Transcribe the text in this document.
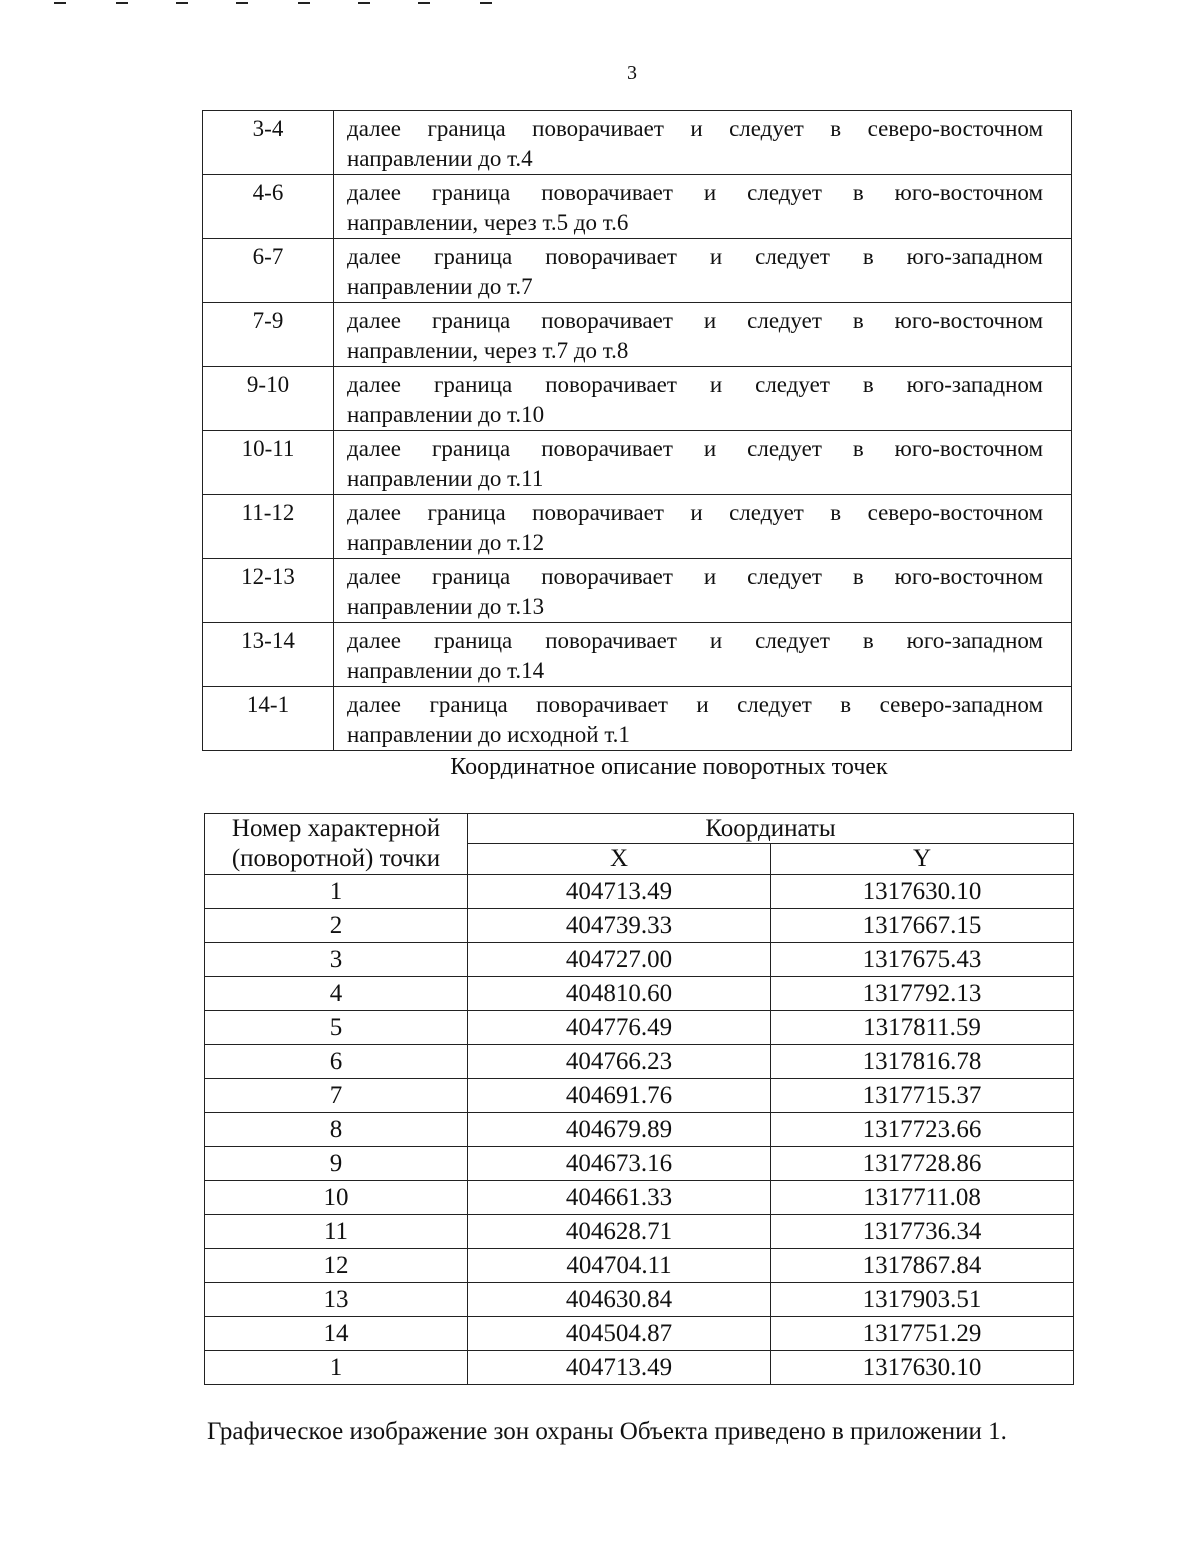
3
3-4	далее граница поворачивает и следует в северо-восточном
направлении до т.4

4-6	далее граница поворачивает и следует в юго-восточном
направлении, через т.5 до т.6

6-7	далее граница поворачивает и следует в юго-западном
направлении до т.7

7-9	далее граница поворачивает и следует в юго-восточном
направлении, через т.7 до т.8

9-10	далее граница поворачивает и следует в юго-западном
направлении до т.10

10-11	далее граница поворачивает и следует в юго-восточном
направлении до т.11

11-12	далее граница поворачивает и следует в северо-восточном
направлении до т.12

12-13	далее граница поворачивает и следует в юго-восточном
направлении до т.13

13-14	далее граница поворачивает и следует в юго-западном
направлении до т.14

14-1	далее граница поворачивает и следует в северо-западном
направлении до исходной т.1
Координатное описание поворотных точек
Номер характерной
(поворотной) точки	Координаты	
	X	Y
1	404713.49	1317630.10
2	404739.33	1317667.15
3	404727.00	1317675.43
4	404810.60	1317792.13
5	404776.49	1317811.59
6	404766.23	1317816.78
7	404691.76	1317715.37
8	404679.89	1317723.66
9	404673.16	1317728.86
10	404661.33	1317711.08
11	404628.71	1317736.34
12	404704.11	1317867.84
13	404630.84	1317903.51
14	404504.87	1317751.29
1	404713.49	1317630.10
Графическое изображение зон охраны Объекта приведено в приложении 1.
